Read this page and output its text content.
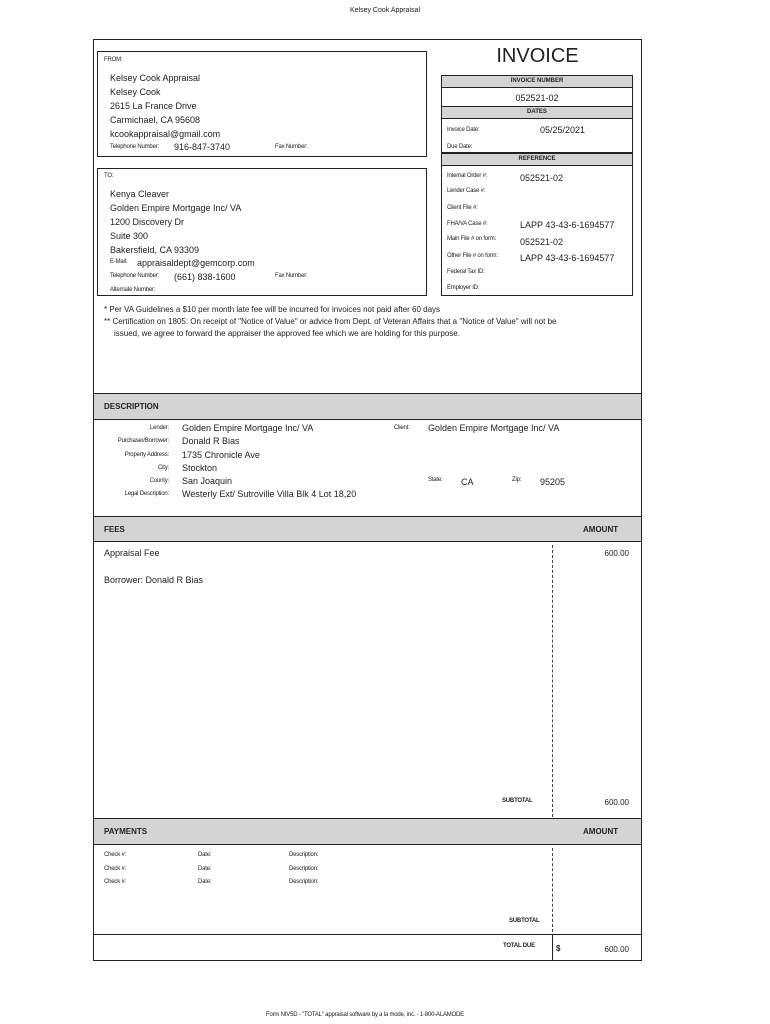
Kelsey Cook Appraisal
INVOICE
FROM:
Kelsey Cook Appraisal
Kelsey Cook
2615 La France Drive
Carmichael, CA 95608
kcookappraisal@gmail.com
Telephone Number: 916-847-3740	Fax Number:
INVOICE NUMBER
052521-02
DATES
Invoice Date:	05/25/2021
Due Date:
REFERENCE
Internal Order #:	052521-02
Lender Case #:
Client File #:
FHA/VA Case #:	LAPP 43-43-6-1694577
Main File # on form:	052521-02
Other File # on form: LAPP 43-43-6-1694577
Federal Tax ID:
Employer ID:
TO:
Kenya Cleaver
Golden Empire Mortgage Inc/ VA
1200 Discovery Dr
Suite 300
Bakersfield, CA 93309
E-Mail: appraisaldept@gemcorp.com
Telephone Number: (661) 838-1600	Fax Number:
Alternate Number:
* Per VA Guidelines a $10 per month late fee will be incurred for invoices not paid after 60 days
** Certification on 1805: On receipt of "Notice of Value" or advice from Dept. of Veteran Affairs that a "Notice of Value" will not be
issued, we agree to forward the appraiser the approved fee which we are holding for this purpose.
DESCRIPTION
Lender: Golden Empire Mortgage Inc/ VA	Client: Golden Empire Mortgage Inc/ VA
Purchaser/Borrower: Donald R Bias
Property Address: 1735 Chronicle Ave
City: Stockton
County: San Joaquin	State: CA	Zip: 95205
Legal Description: Westerly Ext/ Sutroville Villa Blk 4 Lot 18,20
FEES	AMOUNT
Appraisal Fee	600.00
Borrower: Donald R Bias
SUBTOTAL	600.00
PAYMENTS	AMOUNT
Check #:	Date:	Description:
Check #:	Date:	Description:
Check #:	Date:	Description:
SUBTOTAL
TOTAL DUE	$	600.00
Form NIV5D - "TOTAL" appraisal software by a la mode, inc. - 1-800-ALAMODE
